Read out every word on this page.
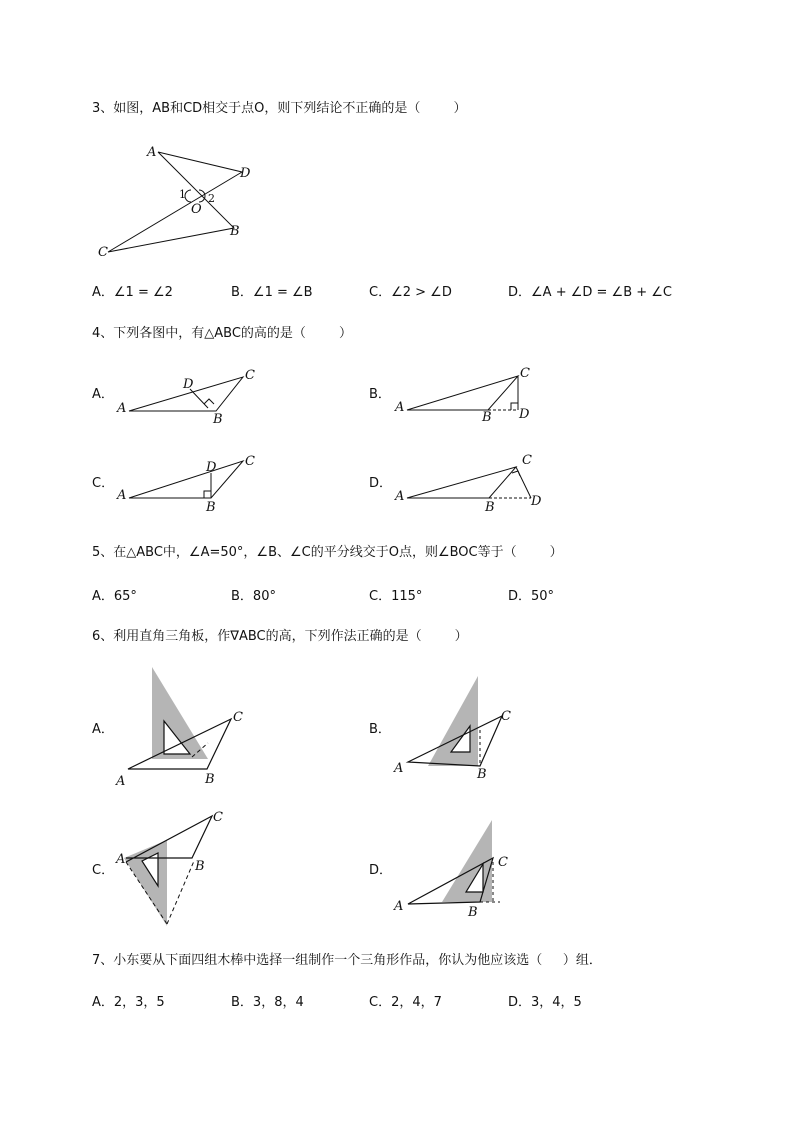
3、如图，AB和CD相交于点O，则下列结论不正确的是（        ）
A
D
C
B
O
1 2
A．∠1 = ∠2	B．∠1 = ∠B	C．∠2 > ∠D	D．∠A + ∠D = ∠B + ∠C
4、下列各图中，有△ABC的高的是（        ）
A．
A
C
B
D
B．
A
C
B D
C．
A
C
B
D
D．
A
C
B	D
5、在△ABC中，∠A=50°，∠B、∠C的平分线交于O点，则∠BOC等于（        ）
A．65°	B．80°	C．115°	D．50°
6、利用直角三角板，作∇ABC的高，下列作法正确的是（        ）
A．
A
C
B
B．
A
C
B
C．
A
C
B	D．
A
C
B
7、小东要从下面四组木棒中选择一组制作一个三角形作品，你认为他应该选（     ）组．
A．2，3，5	B．3，8，4	C．2，4，7	D．3，4，5
